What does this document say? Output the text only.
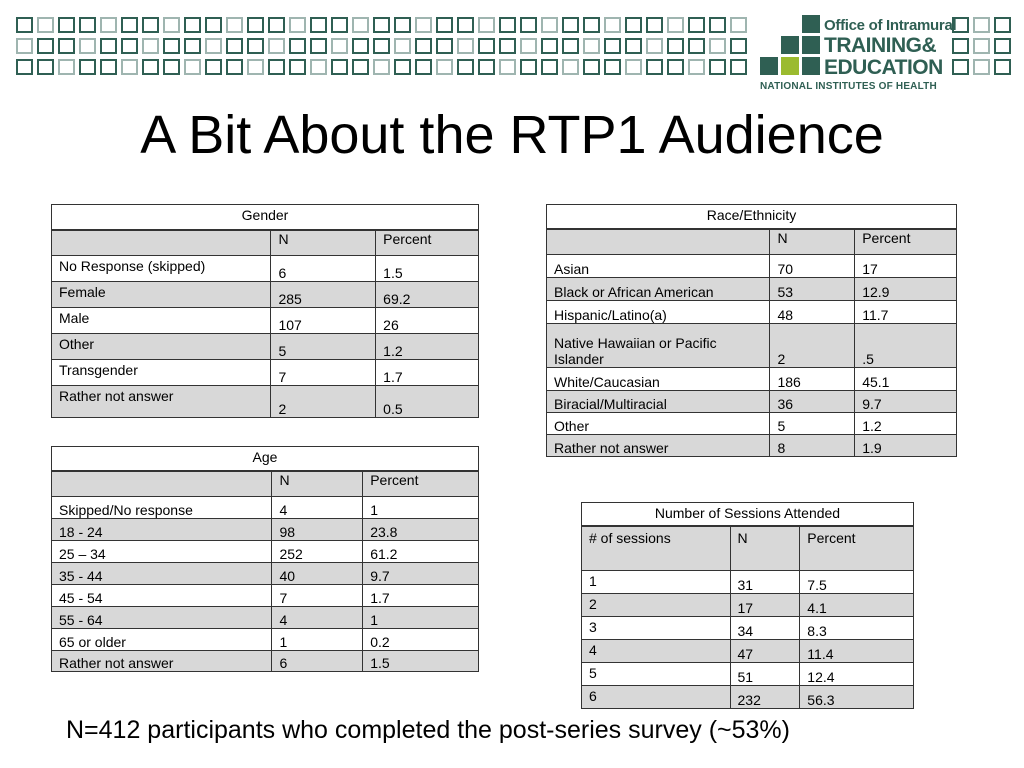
Office of Intramural
TRAINING&
EDUCATION
NATIONAL INSTITUTES OF HEALTH
A Bit About the RTP1 Audience
Gender		
	N	Percent
No Response (skipped)	6	1.5
Female	285	69.2
Male	107	26
Other	5	1.2
Transgender	7	1.7
Rather not answer	2	0.5
Age		
	N	Percent
Skipped/No response	4	1
18 - 24	98	23.8
25 – 34	252	61.2
35 - 44	40	9.7
45 - 54	7	1.7
55 - 64	4	1
65 or older	1	0.2
Rather not answer	6	1.5
Race/Ethnicity		
	N	Percent
Asian	70	17
Black or African American	53	12.9
Hispanic/Latino(a)	48	11.7
Native Hawaiian or Pacific Islander	2	.5
White/Caucasian	186	45.1
Biracial/Multiracial	36	9.7
Other	5	1.2
Rather not answer	8	1.9
Number of Sessions Attended		
# of sessions	N	Percent
1	31	7.5
2	17	4.1
3	34	8.3
4	47	11.4
5	51	12.4
6	232	56.3
N=412 participants who completed the post-series survey (~53%)
